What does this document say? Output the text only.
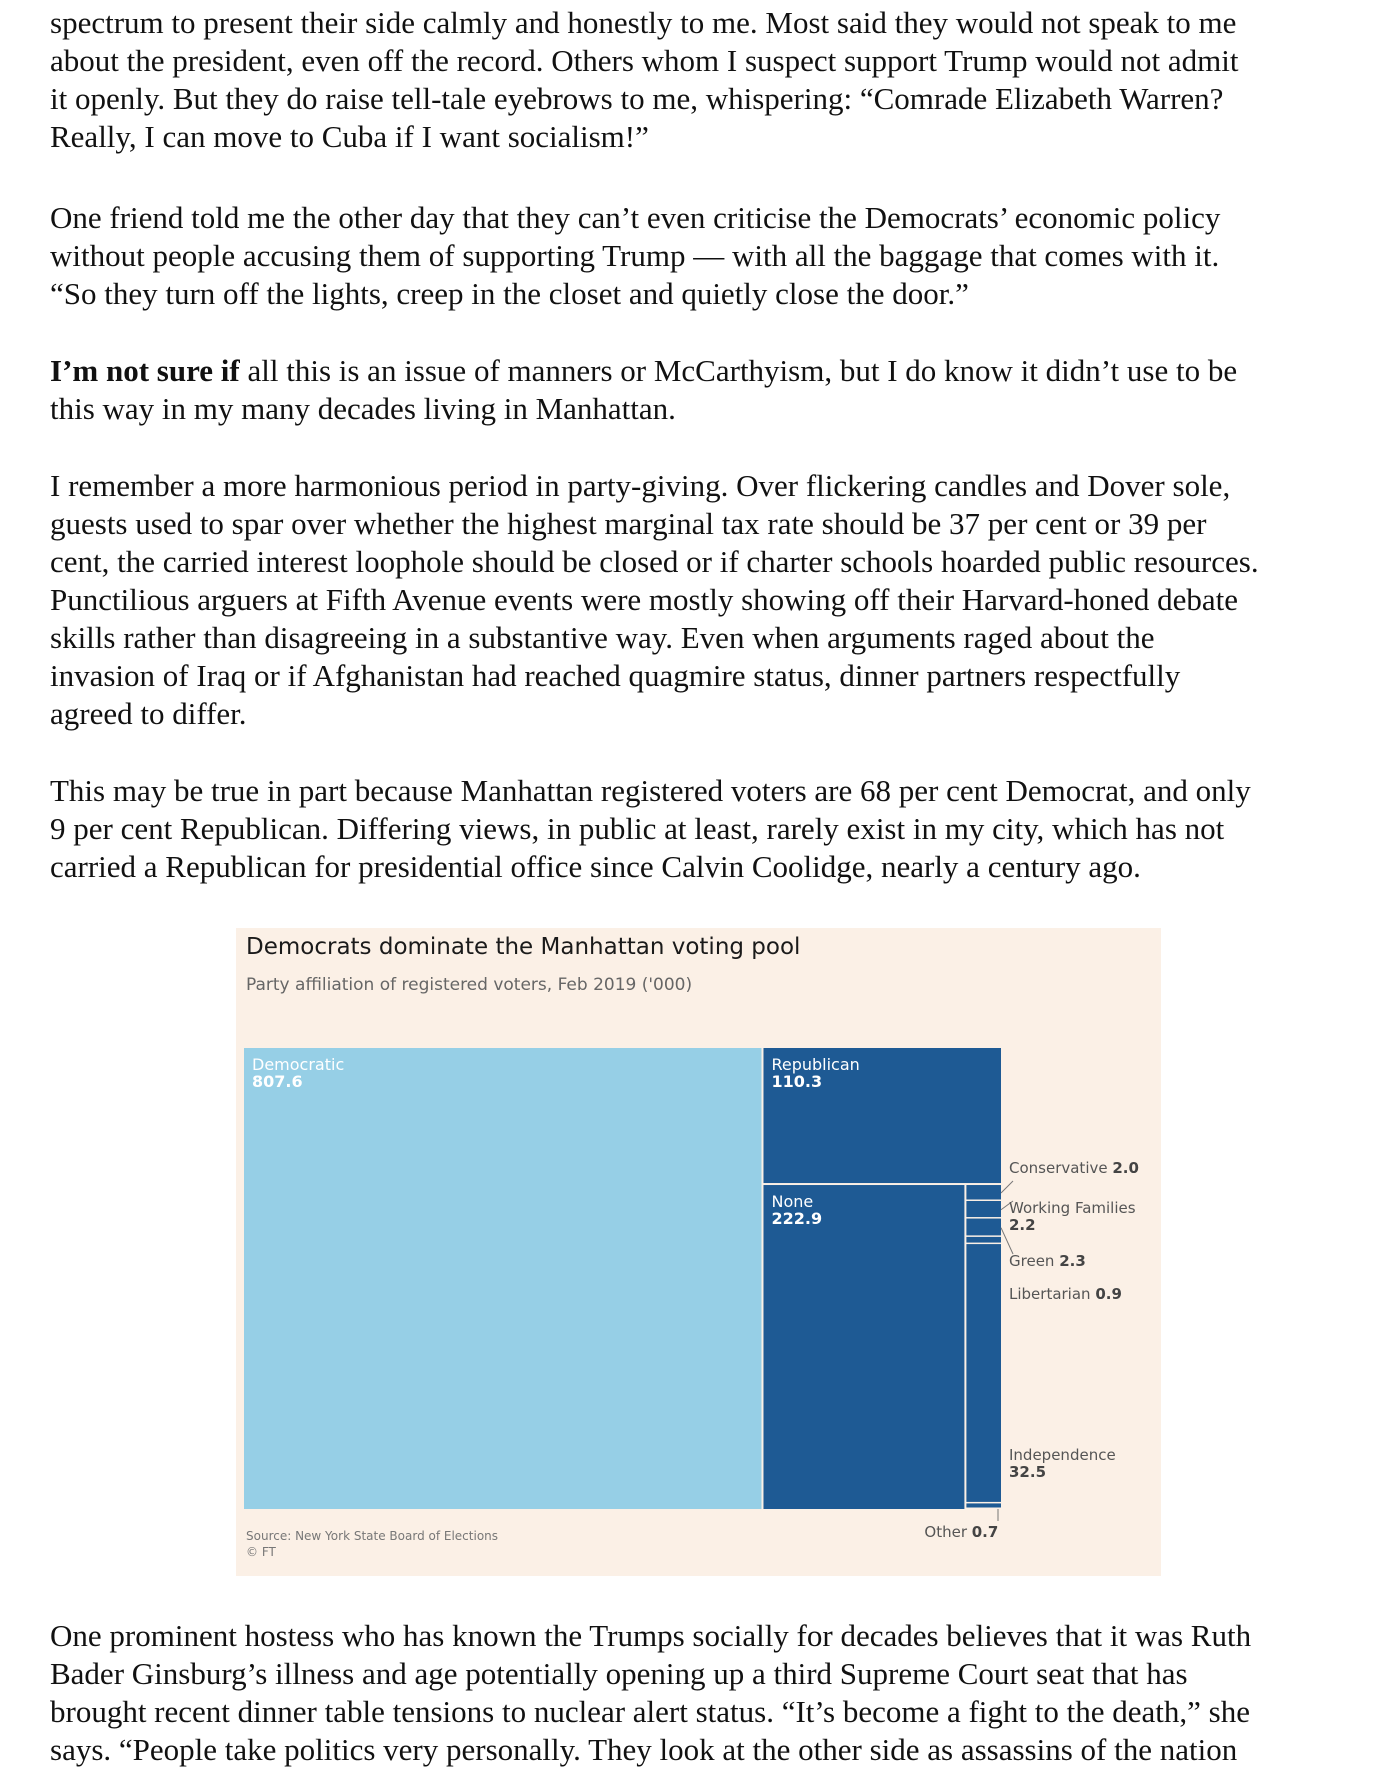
spectrum to present their side calmly and honestly to me. Most said they would not speak to me
about the president, even off the record. Others whom I suspect support Trump would not admit
it openly. But they do raise tell-tale eyebrows to me, whispering: “Comrade Elizabeth Warren?
Really, I can move to Cuba if I want socialism!”
One friend told me the other day that they can’t even criticise the Democrats’ economic policy
without people accusing them of supporting Trump — with all the baggage that comes with it.
“So they turn off the lights, creep in the closet and quietly close the door.”
I’m not sure if all this is an issue of manners or McCarthyism, but I do know it didn’t use to be
this way in my many decades living in Manhattan.
I remember a more harmonious period in party-giving. Over flickering candles and Dover sole,
guests used to spar over whether the highest marginal tax rate should be 37 per cent or 39 per
cent, the carried interest loophole should be closed or if charter schools hoarded public resources.
Punctilious arguers at Fifth Avenue events were mostly showing off their Harvard-honed debate
skills rather than disagreeing in a substantive way. Even when arguments raged about the
invasion of Iraq or if Afghanistan had reached quagmire status, dinner partners respectfully
agreed to differ.
This may be true in part because Manhattan registered voters are 68 per cent Democrat, and only
9 per cent Republican. Differing views, in public at least, rarely exist in my city, which has not
carried a Republican for presidential office since Calvin Coolidge, nearly a century ago.
Democrats dominate the Manhattan voting pool
Party affiliation of registered voters, Feb 2019 ('000)
Democratic
807.6
Republican
110.3
None
222.9
Conservative 2.0
Working Families
2.2
Green 2.3
Libertarian 0.9
Independence
32.5
Other 0.7
Source: New York State Board of Elections
© FT
One prominent hostess who has known the Trumps socially for decades believes that it was Ruth
Bader Ginsburg’s illness and age potentially opening up a third Supreme Court seat that has
brought recent dinner table tensions to nuclear alert status. “It’s become a fight to the death,” she
says. “People take politics very personally. They look at the other side as assassins of the nation
